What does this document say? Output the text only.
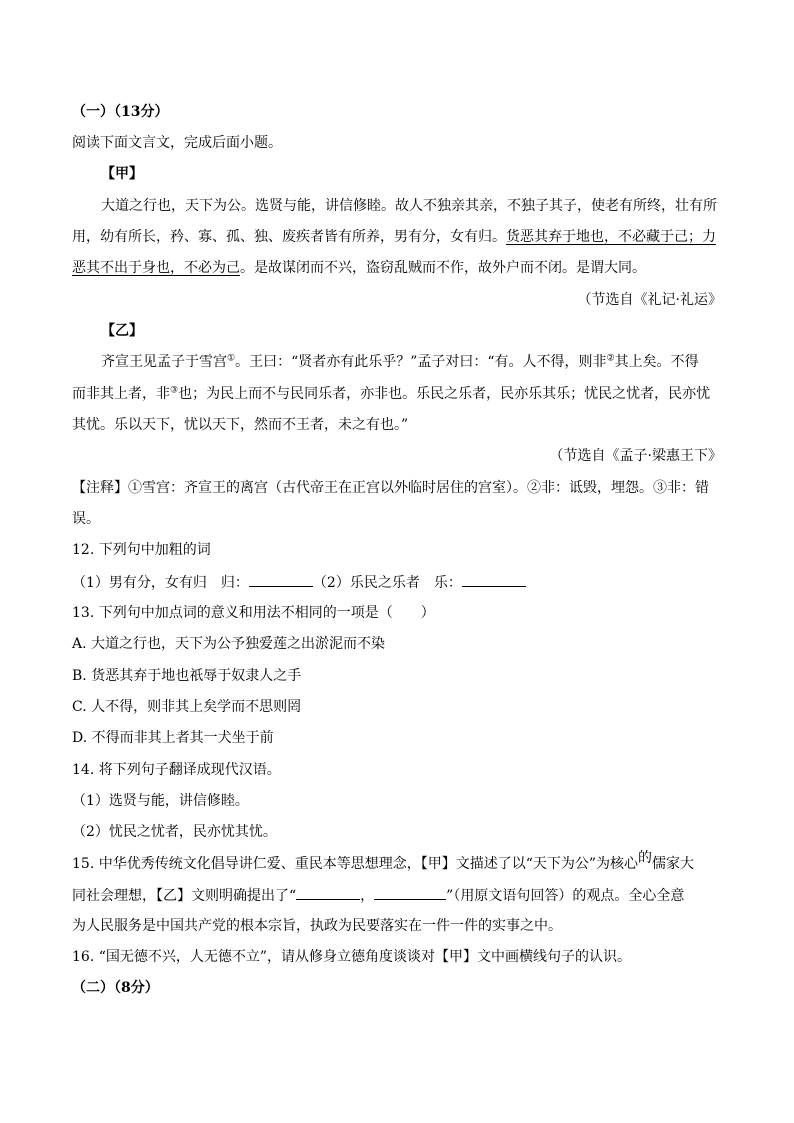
（一）（13分）
阅读下面文言文，完成后面小题。
【甲】
大道之行也，天下为公。选贤与能，讲信修睦。故人不独亲其亲，不独子其子，使老有所终，壮有所
用，幼有所长，矜、寡、孤、独、废疾者皆有所养，男有分，女有归。货恶其弃于地也，不必藏于己；力
恶其不出于身也，不必为己。是故谋闭而不兴，盗窃乱贼而不作，故外户而不闭。是谓大同。
（节选自《礼记·礼运》
【乙】
齐宣王见孟子于雪宫①。王曰：“贤者亦有此乐乎？”孟子对曰：“有。人不得，则非②其上矣。不得
而非其上者，非③也；为民上而不与民同乐者，亦非也。乐民之乐者，民亦乐其乐；忧民之忧者，民亦忧
其忧。乐以天下，忧以天下，然而不王者，未之有也。”
（节选自《孟子·梁惠王下》
【注释】①雪宫：齐宣王的离宫（古代帝王在正宫以外临时居住的宫室）。②非：诋毁，埋怨。③非：错
误。
12. 下列句中加粗的词
（1）男有分，女有归　归：	（2）乐民之乐者　乐：
13. 下列句中加点词的意义和用法不相同的一项是（　　）
A. 大道之行也，天下为公予独爱莲之出淤泥而不染
B. 货恶其弃于地也祇辱于奴隶人之手
C. 人不得，则非其上矣学而不思则罔
D. 不得而非其上者其一犬坐于前
14. 将下列句子翻译成现代汉语。
（1）选贤与能，讲信修睦。
（2）忧民之忧者，民亦忧其忧。
15. 中华优秀传统文化倡导讲仁爱、重民本等思想理念，【甲】文描述了以“天下为公”为核心的儒家大
同社会理想，【乙】文则明确提出了“	，	”（用原文语句回答）的观点。全心全意
为人民服务是中国共产党的根本宗旨，执政为民要落实在一件一件的实事之中。
16. “国无德不兴，人无德不立”，请从修身立德角度谈谈对【甲】文中画横线句子的认识。
（二）（8分）
